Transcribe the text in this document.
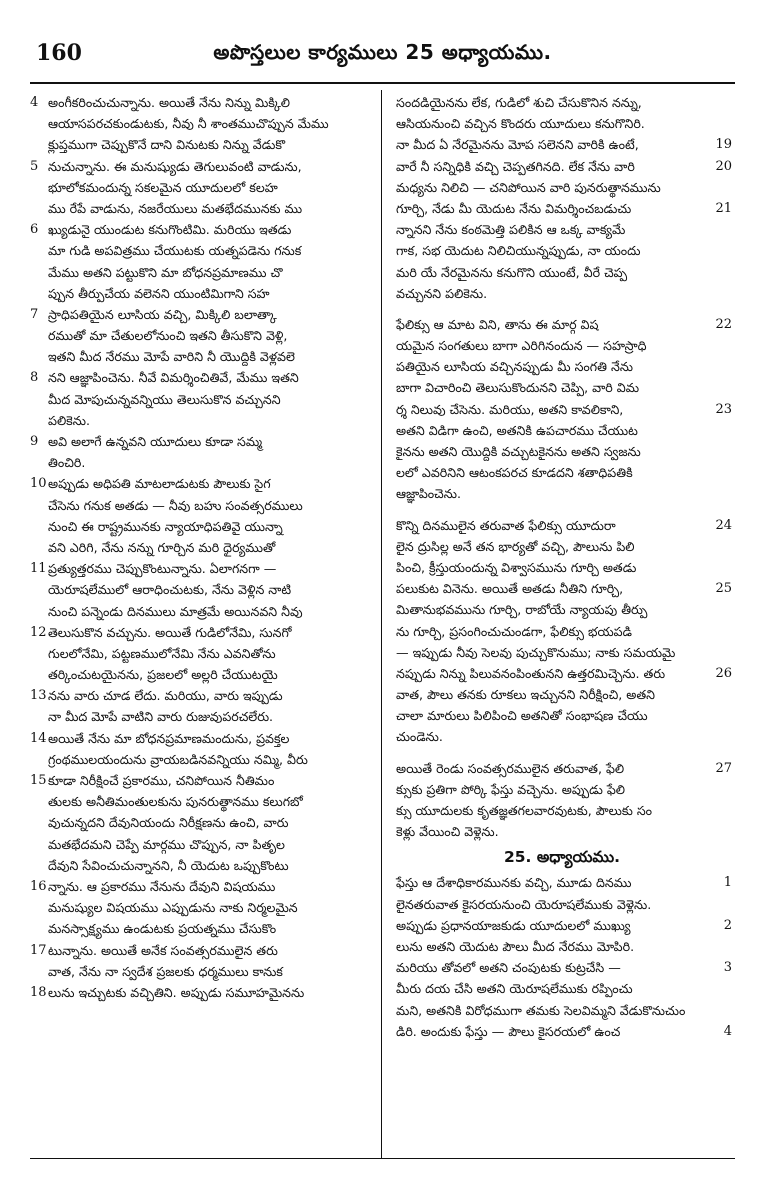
160	అపొస్తలుల కార్యములు 25 అధ్యాయము.
4 అంగీకరించుచున్నాను. అయితే నేను నిన్ను మిక్కిలి
ఆయాసపరచకుండుటకు, నీవు నీ శాంతముచొప్పున మేము
క్లుప్తముగా చెప్పుకొనే దాని వినుటకు నిన్ను వేడుకొ
5 నుచున్నాను. ఈ మనుష్యుడు తెగులువంటి వాడును,
భూలోకమందున్న సకలమైన యూదులలో కలహ
ము రేపే వాడును, నజరేయులు మతభేదమునకు ము
6 ఖ్యుడునై యుండుట కనుగొంటిమి. మరియు ఇతడు
మా గుడి అపవిత్రము చేయుటకు యత్నపడెను గనుక
మేము అతని పట్టుకొని మా బోధనప్రమాణము చొ
ప్పున తీర్పుచేయ వలెనని యుంటిమిగాని సహ
7 స్రాధిపతియైన లూసియ వచ్చి, మిక్కిలి బలాత్కా
రముతో మా చేతులలోనుంచి ఇతని తీసుకొని వెళ్లి,
ఇతని మీద నేరము మోపే వారిని నీ యొద్దికి వెళ్లవలె
8 నని ఆజ్ఞాపించెను. నీవే విమర్శించితివే, మేము ఇతని
మీద మోపుచున్నవన్నియు తెలుసుకొన వచ్చునని
పలికెను.
9 అవి అలాగే ఉన్నవని యూదులు కూడా సమ్మ
తించిరి.
10 అప్పుడు అధిపతి మాటలాడుటకు పౌలుకు సైగ
చేసెను గనుక అతడు — నీవు బహు సంవత్సరములు
నుంచి ఈ రాష్ట్రమునకు న్యాయాధిపతివై యున్నా
వని ఎరిగి, నేను నన్ను గూర్చిన మరి ధైర్యముతో
11 ప్రత్యుత్తరము చెప్పుకొంటున్నాను. ఏలాగనగా —
యెరూషలేములో ఆరాధించుటకు, నేను వెళ్లిన నాటి
నుంచి పన్నెండు దినములు మాత్రమే అయినవని నీవు
12 తెలుసుకొన వచ్చును. అయితే గుడిలోనేమి, సునగో
గులలోనేమి, పట్టణములోనేమి నేను ఎవనితోను
తర్కించుటయైనను, ప్రజలలో అల్లరి చేయుటయై
13 నను వారు చూడ లేదు. మరియు, వారు ఇప్పుడు
నా మీద మోపే వాటిని వారు రుజువుపరచలేరు.
14 అయితే నేను మా బోధనప్రమాణమందును, ప్రవక్తల
గ్రంథములయందును వ్రాయబడినవన్నియు నమ్మి, వీరు
15 కూడా నిరీక్షించే ప్రకారము, చనిపోయిన నీతిమం
తులకు అనీతిమంతులకును పునరుత్థానము కలుగబో
వుచున్నదని దేవునియందు నిరీక్షణను ఉంచి, వారు
మతభేదమని చెప్పే మార్గము చొప్పున, నా పితృల
దేవుని సేవించుచున్నానని, నీ యెదుట ఒప్పుకొంటు
16 న్నాను. ఆ ప్రకారము నేనును దేవుని విషయము
మనుష్యుల విషయము ఎప్పుడును నాకు నిర్మలమైన
మనస్సాక్ష్యము ఉండుటకు ప్రయత్నము చేసుకొం
17 టున్నాను. అయితే అనేక సంవత్సరములైన తరు
వాత, నేను నా స్వదేశ ప్రజలకు ధర్మములు కానుక
18 లును ఇచ్చుటకు వచ్చితిని. అప్పుడు సమూహమైనను
సందడియైనను లేక, గుడిలో శుచి చేసుకొనిన నన్ను,
ఆసియనుంచి వచ్చిన కొందరు యూదులు కనుగొనిరి.
నా మీద ఏ నేరమైనను మోప సలెనని వారికి ఉంటే,	19
వారే నీ సన్నిధికి వచ్చి చెప్పతగినది. లేక నేను వారి	20
మధ్యను నిలిచి — చనిపోయిన వారి పునరుత్థానమును
గూర్చి, నేడు మీ యెదుట నేను విమర్శించబడుచు	21
న్నానని నేను కంఠమెత్తి పలికిన ఆ ఒక్క వాక్యమే
గాక, సభ యెదుట నిలిచియున్నప్పుడు, నా యందు
మరి యే నేరమైనను కనుగొని యుంటే, వీరే చెప్ప
వచ్చునని పలికెను.
ఫేలిక్సు ఆ మాట విని, తాను ఈ మార్గ విష	22
యమైన సంగతులు బాగా ఎరిగినందున — సహస్రాధి
పతియైన లూసియ వచ్చినప్పుడు మీ సంగతి నేను
బాగా విచారించి తెలుసుకొందునని చెప్పి, వారి విమ
ర్శ నిలువు చేసెను. మరియు, అతని కావలికాని,	23
అతని విడిగా ఉంచి, అతనికి ఉపచారము చేయుట
కైనను అతని యొద్దికి వచ్చుటకైనను అతని స్వజను
లలో ఎవరినిని ఆటంకపరచ కూడదని శతాధిపతికి
ఆజ్ఞాపించెను.
కొన్ని దినములైన తరువాత ఫేలిక్సు యూదురా	24
లైన ద్రుసిల్ల అనే తన భార్యతో వచ్చి, పౌలును పిలి
పించి, క్రీస్తుయందున్న విశ్వాసమును గూర్చి అతడు
పలుకుట వినెను. అయితే అతడు నీతిని గూర్చి,	25
మితానుభవమును గూర్చి, రాబోయే న్యాయపు తీర్పు
ను గూర్చి, ప్రసంగించుచుండగా, ఫేలిక్సు భయపడి
— ఇప్పుడు నీవు సెలవు పుచ్చుకొనుము; నాకు సమయమై
నప్పుడు నిన్ను పిలువనంపింతునని ఉత్తరమిచ్చెను. తరు	26
వాత, పౌలు తనకు రూకలు ఇచ్చునని నిరీక్షించి, అతని
చాలా మారులు పిలిపించి అతనితో సంభాషణ చేయు
చుండెను.
అయితే రెండు సంవత్సరములైన తరువాత, ఫేలి	27
క్సుకు ప్రతిగా పోర్కి ఫేస్తు వచ్చెను. అప్పుడు ఫేలి
క్సు యూదులకు కృతజ్ఞతగలవారవుటకు, పౌలుకు సం
కెళ్లు వేయించి వెళ్లెను.
25. అధ్యాయము.
ఫేస్తు ఆ దేశాధికారమునకు వచ్చి, మూడు దినము	1
లైనతరువాత కైసరయనుంచి యెరూషలేముకు వెళ్లెను.
అప్పుడు ప్రధానయాజకుడు యూదులలో ముఖ్యు	2
లును అతని యెదుట పౌలు మీద నేరము మోపిరి.
మరియు తోవలో అతని చంపుటకు కుట్రచేసి —	3
మీరు దయ చేసి అతని యెరూషలేముకు రప్పించు
మని, అతనికి విరోధముగా తమకు సెలవిమ్మని వేడుకొనుచుం
డిరి. అందుకు ఫేస్తు — పౌలు కైసరయలో ఉంచ	4
